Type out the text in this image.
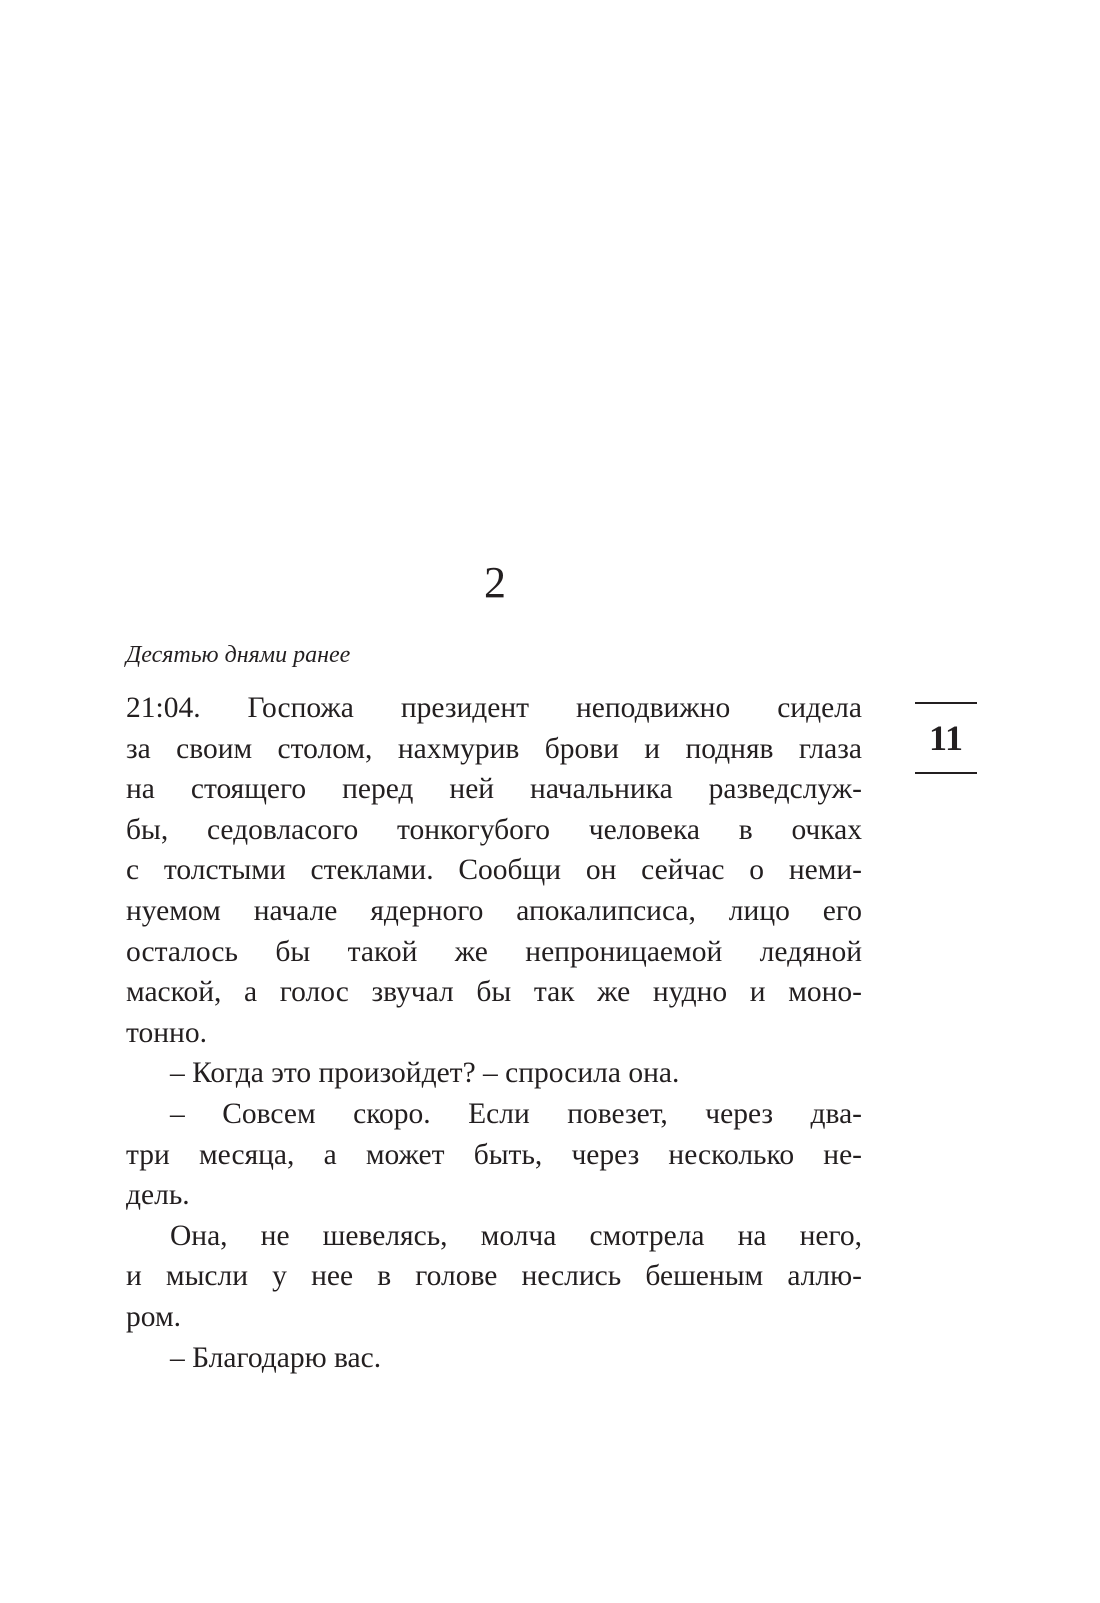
2
Десятью днями ранее
21:04. Госпожа президент неподвижно сидела
за своим столом, нахмурив брови и подняв глаза
на стоящего перед ней начальника разведслуж-
бы, седовласого тонкогубого человека в очках
с толстыми стеклами. Сообщи он сейчас о неми-
нуемом начале ядерного апокалипсиса, лицо его
осталось бы такой же непроницаемой ледяной
маской, а голос звучал бы так же нудно и моно-
тонно.
– Когда это произойдет? – спросила она.
– Совсем скоро. Если повезет, через два-
три месяца, а может быть, через несколько не-
дель.
Она, не шевелясь, молча смотрела на него,
и мысли у нее в голове неслись бешеным аллю-
ром.
– Благодарю вас.
11
